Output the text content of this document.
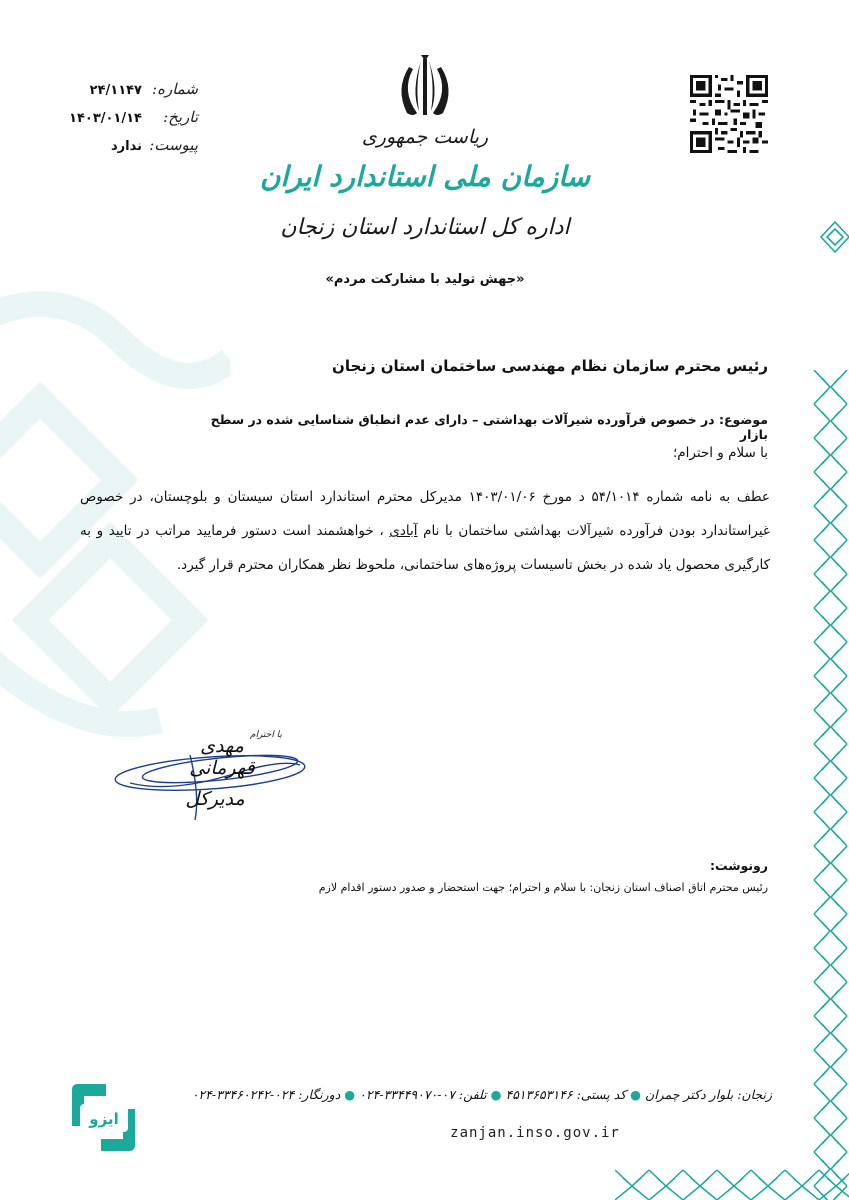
شماره:
۲۴/۱۱۴۷
تاریخ:
۱۴۰۳/۰۱/۱۴
پیوست:
ندارد	ریاست جمهوری
سازمان ملی استاندارد ایران
اداره کل استاندارد استان زنجان
«جهش تولید با مشارکت مردم»
رئیس محترم سازمان نظام مهندسی ساختمان استان زنجان
موضوع: در خصوص فرآورده شیرآلات بهداشتی – دارای عدم انطباق شناسایی شده در سطح بازار
با سلام و احترام؛
عطف به نامه شماره ۵۴/۱۰۱۴ د مورخ ۱۴۰۳/۰۱/۰۶ مدیرکل محترم استاندارد استان سیستان و بلوچستان، در خصوص غیراستاندارد بودن فرآورده شیرآلات بهداشتی ساختمان با نام آبادی ، خواهشمند است دستور فرمایید مراتب در تایید و به کارگیری محصول یاد شده در بخش تاسیسات پروژه‌های ساختمانی، ملحوظ نظر همکاران محترم قرار گیرد.
با احترام
مهدی قهرمانی
مدیرکل
رونوشت:
رئیس محترم اتاق اصناف استان زنجان: با سلام و احترام؛ جهت استحضار و صدور دستور اقدام لازم
ایزو
زنجان: بلوار دکتر چمران ● کد پستی: ۴۵۱۳۶۵۳۱۴۶ ● تلفن: ۰۷-۳۳۴۴۹۰۷۰-۰۲۴ ● دورنگار: ۰۲۴-۳۳۴۶۰۲۴۲-۰۲۴
zanjan.inso.gov.ir
